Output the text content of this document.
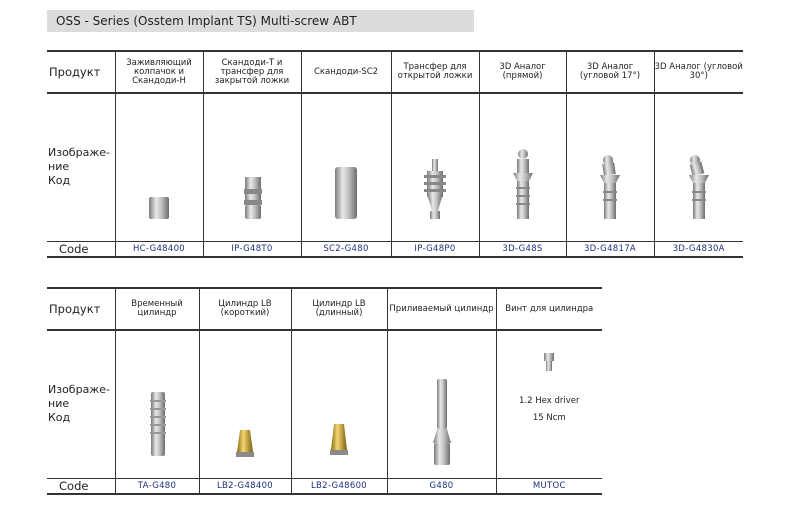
OSS - Series (Osstem Implant TS) Multi-screw ABT
Продукт	Заживляющий колпачок и Скандоди-H	Скандоди-T и трансфер для закрытой ложки	Скандоди-SC2	Трансфер для открытой ложки	3D Аналог (прямой)	3D Аналог (угловой 17°)	3D Аналог (угловой 30°)

Изображе-
ние
Код

Code	HC-G48400	IP-G48T0	SC2-G480	IP-G48P0	3D-G48S	3D-G4817A	3D-G4830A
Продукт	Временный цилиндр	Цилиндр LB (короткий)	Цилиндр LB (длинный)	Приливаемый цилиндр	Винт для цилиндра

Изображе-
ние
Код					1.2 Hex driver
15 Ncm

Code	TA-G480	LB2-G48400	LB2-G48600	G480	MUTOC
